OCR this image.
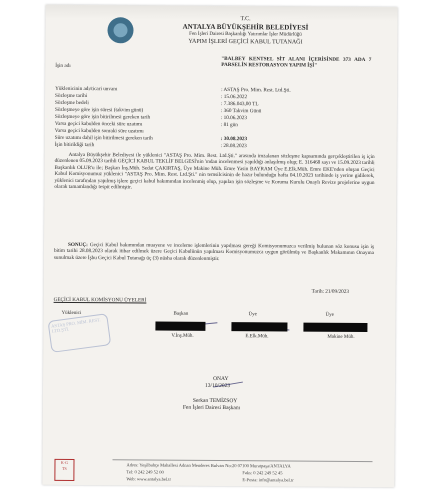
T.C.
ANTALYA BÜYÜKŞEHİR BELEDİYESİ
Fen İşleri Dairesi Başkanlığı Yatırımlar İşler Müdürlüğü
YAPIM İŞLERİ GEÇİCİ KABUL TUTANAĞI
İşin adı
"BALBEY KENTSEL SİT ALANI İÇERİSİNDE 373 ADA 7 PARSELİN RESTORASYON YAPIM İŞİ"
Yüklenicinin adı/ticari unvanı	: ASTAŞ Pro. Mim. Rest. Ltd.Şti.
Sözleşme tarihi	: 15.06.2022
Sözleşme bedeli	: 7.386.043,00 TL
Sözleşmeye göre işin süresi (takvim günü)	: 360 Takvim Günü
Sözleşmeye göre işin bitirilmesi gereken tarih	: 10.06.2023
Varsa geçici kabulden önceki süre uzatımı	: 81 gün
Varsa geçici kabulden sonraki süre uzatımı
Süre uzatımı dahil işin bitirilmesi gereken tarih	: 30.08.2023
İşin bitirildiği tarih	: 28.08.2023
Antalya Büyükşehir Belediyesi ile yüklenici "ASTAŞ Pro. Mim. Rest. Ltd.Şti." arasında imzalanan sözleşme kapsamında gerçekleştirilen iş için düzenlenen 05.09.2023 tarihli GEÇİCİ KABUL TEKLİF BELGESİ'nin 'ından incelenmesi yapıldığı anlaşılmış olup; E. 316468 sayı ve 15.09.2023 tarihli Başkanlık OLUR'u ile; Başkan İnş.Müh. Sedat ÇAKIRTAŞ, Üye Makine Müh. Emre Yasin BAYRAM Üye E.Elk.Müh. Emre EKE'nden oluşan Geçici Kabul Komisyonumuz yüklenici "ASTAŞ Pro. Mim. Rest. Ltd.Şti." nin temsilcisinin de hazır bulunduğu hafta 04.10.2023 tarihinde iş yerine gidilerek, yüklenici tarafından yapılmış işlere geçici kabul bakımından incelenmiş olup, yapılan işin sözleşme ve Koruma Kurulu Onaylı Revize projelerine uygun olarak tamamlandığı tespit edilmiştir.
SONUÇ: Geçici Kabul bakımından muayene ve inceleme işlemlerinin yapılması gereği Komisyonumuzca verilmiş bulunan söz konusu işin iş bitim tarihi 28.08.2023 olarak itibar edilmek üzere Geçici Kabulünün yapılması Komisyonumuzca uygun görülmüş ve Başkanlık Makamının Onayına sunulmak üzere İşbu Geçici Kabul Tutanağı üç (3) nüsha olarak düzenlenmiştir.
Tarih: 21/09/2023
GEÇİCİ KABUL KOMİSYONU ÜYELERİ
Yüklenici	Başkan	Üye	Üye
ASTAŞ PRO. MİM. REST. LTD.ŞTİ.
V.İnş.Müh.	E.Elk.Müh.	Makine Müh.
ONAY
13/10/2023
Serkan TEMİZSOY
Fen İşleri Dairesi Başkanı
K·G
TS	Adres: Yeşilbahçe Mahallesi Adnan Menderes Bulvarı No:20 07100 Muratpaşa/ANTALYA
Tel: 0 242 249 52 00	Faks: 0 242 249 52 45
Web: www.antalya.bel.tr	E-Posta: info@antalya.bel.tr
